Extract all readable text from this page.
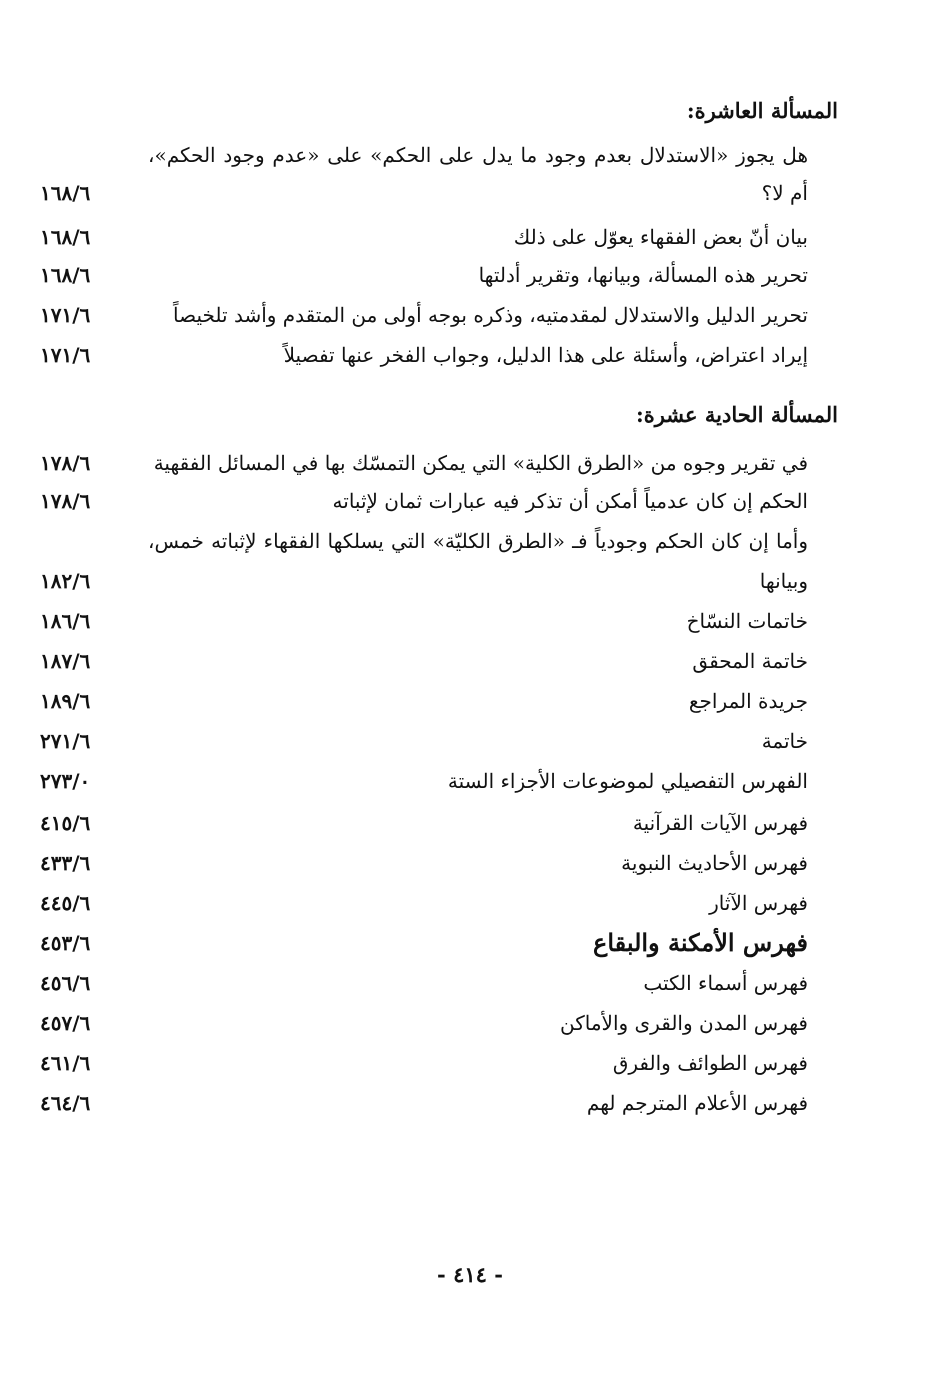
المسألة العاشرة:
هل يجوز «الاستدلال بعدم وجود ما يدل على الحكم» على «عدم وجود الحكم»،
أم لا؟
١٦٨/٦
بيان أنّ بعض الفقهاء يعوّل على ذلك
١٦٨/٦
تحرير هذه المسألة، وبيانها، وتقرير أدلتها
١٦٨/٦
تحرير الدليل والاستدلال لمقدمتيه، وذكره بوجه أولى من المتقدم وأشد تلخيصاً
١٧١/٦
إيراد اعتراض، وأسئلة على هذا الدليل، وجواب الفخر عنها تفصيلاً
١٧١/٦
المسألة الحادية عشرة:
في تقرير وجوه من «الطرق الكلية» التي يمكن التمسّك بها في المسائل الفقهية
١٧٨/٦
الحكم إن كان عدمياً أمكن أن تذكر فيه عبارات ثمان لإثباته
١٧٨/٦
وأما إن كان الحكم وجودياً فـ «الطرق الكليّة» التي يسلكها الفقهاء لإثباته خمس،
وبيانها
١٨٢/٦
خاتمات النسّاخ
١٨٦/٦
خاتمة المحقق
١٨٧/٦
جريدة المراجع
١٨٩/٦
خاتمة
٢٧١/٦
الفهرس التفصيلي لموضوعات الأجزاء الستة
٢٧٣/٠
فهرس الآيات القرآنية
٤١٥/٦
فهرس الأحاديث النبوية
٤٣٣/٦
فهرس الآثار
٤٤٥/٦
فهرس الأمكنة والبقاع
٤٥٣/٦
فهرس أسماء الكتب
٤٥٦/٦
فهرس المدن والقرى والأماكن
٤٥٧/٦
فهرس الطوائف والفرق
٤٦١/٦
فهرس الأعلام المترجم لهم
٤٦٤/٦
- ٤١٤ -
